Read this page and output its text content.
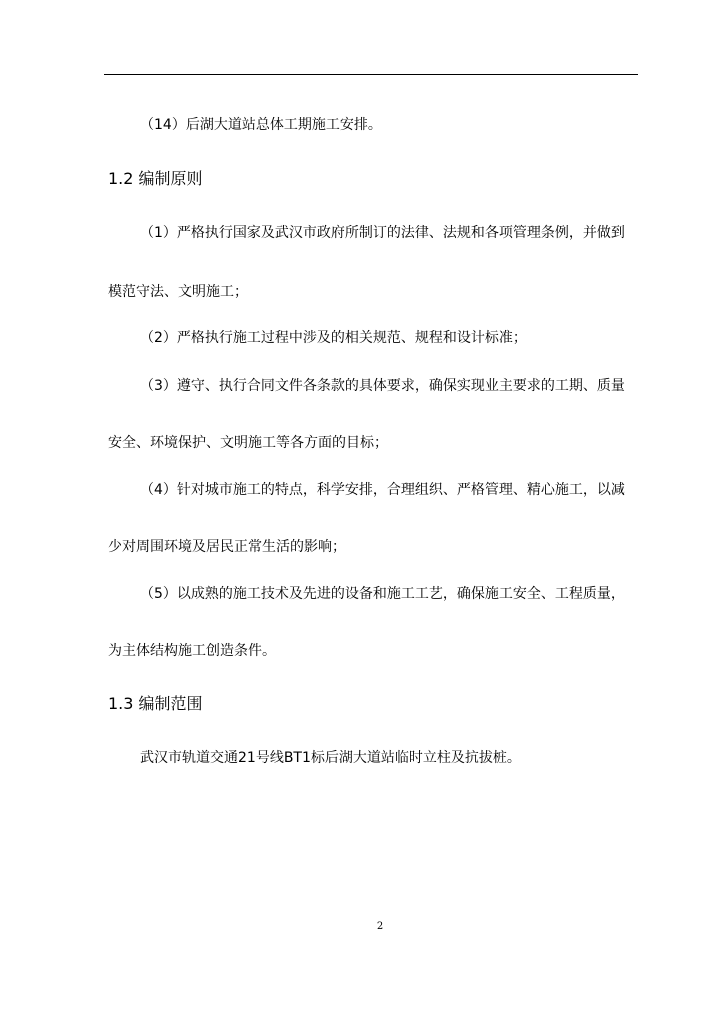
（14）后湖大道站总体工期施工安排。
1.2 编制原则
（1）严格执行国家及武汉市政府所制订的法律、法规和各项管理条例，并做到
模范守法、文明施工；
（2）严格执行施工过程中涉及的相关规范、规程和设计标准；
（3）遵守、执行合同文件各条款的具体要求，确保实现业主要求的工期、质量
安全、环境保护、文明施工等各方面的目标；
（4）针对城市施工的特点，科学安排，合理组织、严格管理、精心施工，以减
少对周围环境及居民正常生活的影响；
（5）以成熟的施工技术及先进的设备和施工工艺，确保施工安全、工程质量，
为主体结构施工创造条件。
1.3 编制范围
武汉市轨道交通21号线BT1标后湖大道站临时立柱及抗拔桩。
2
